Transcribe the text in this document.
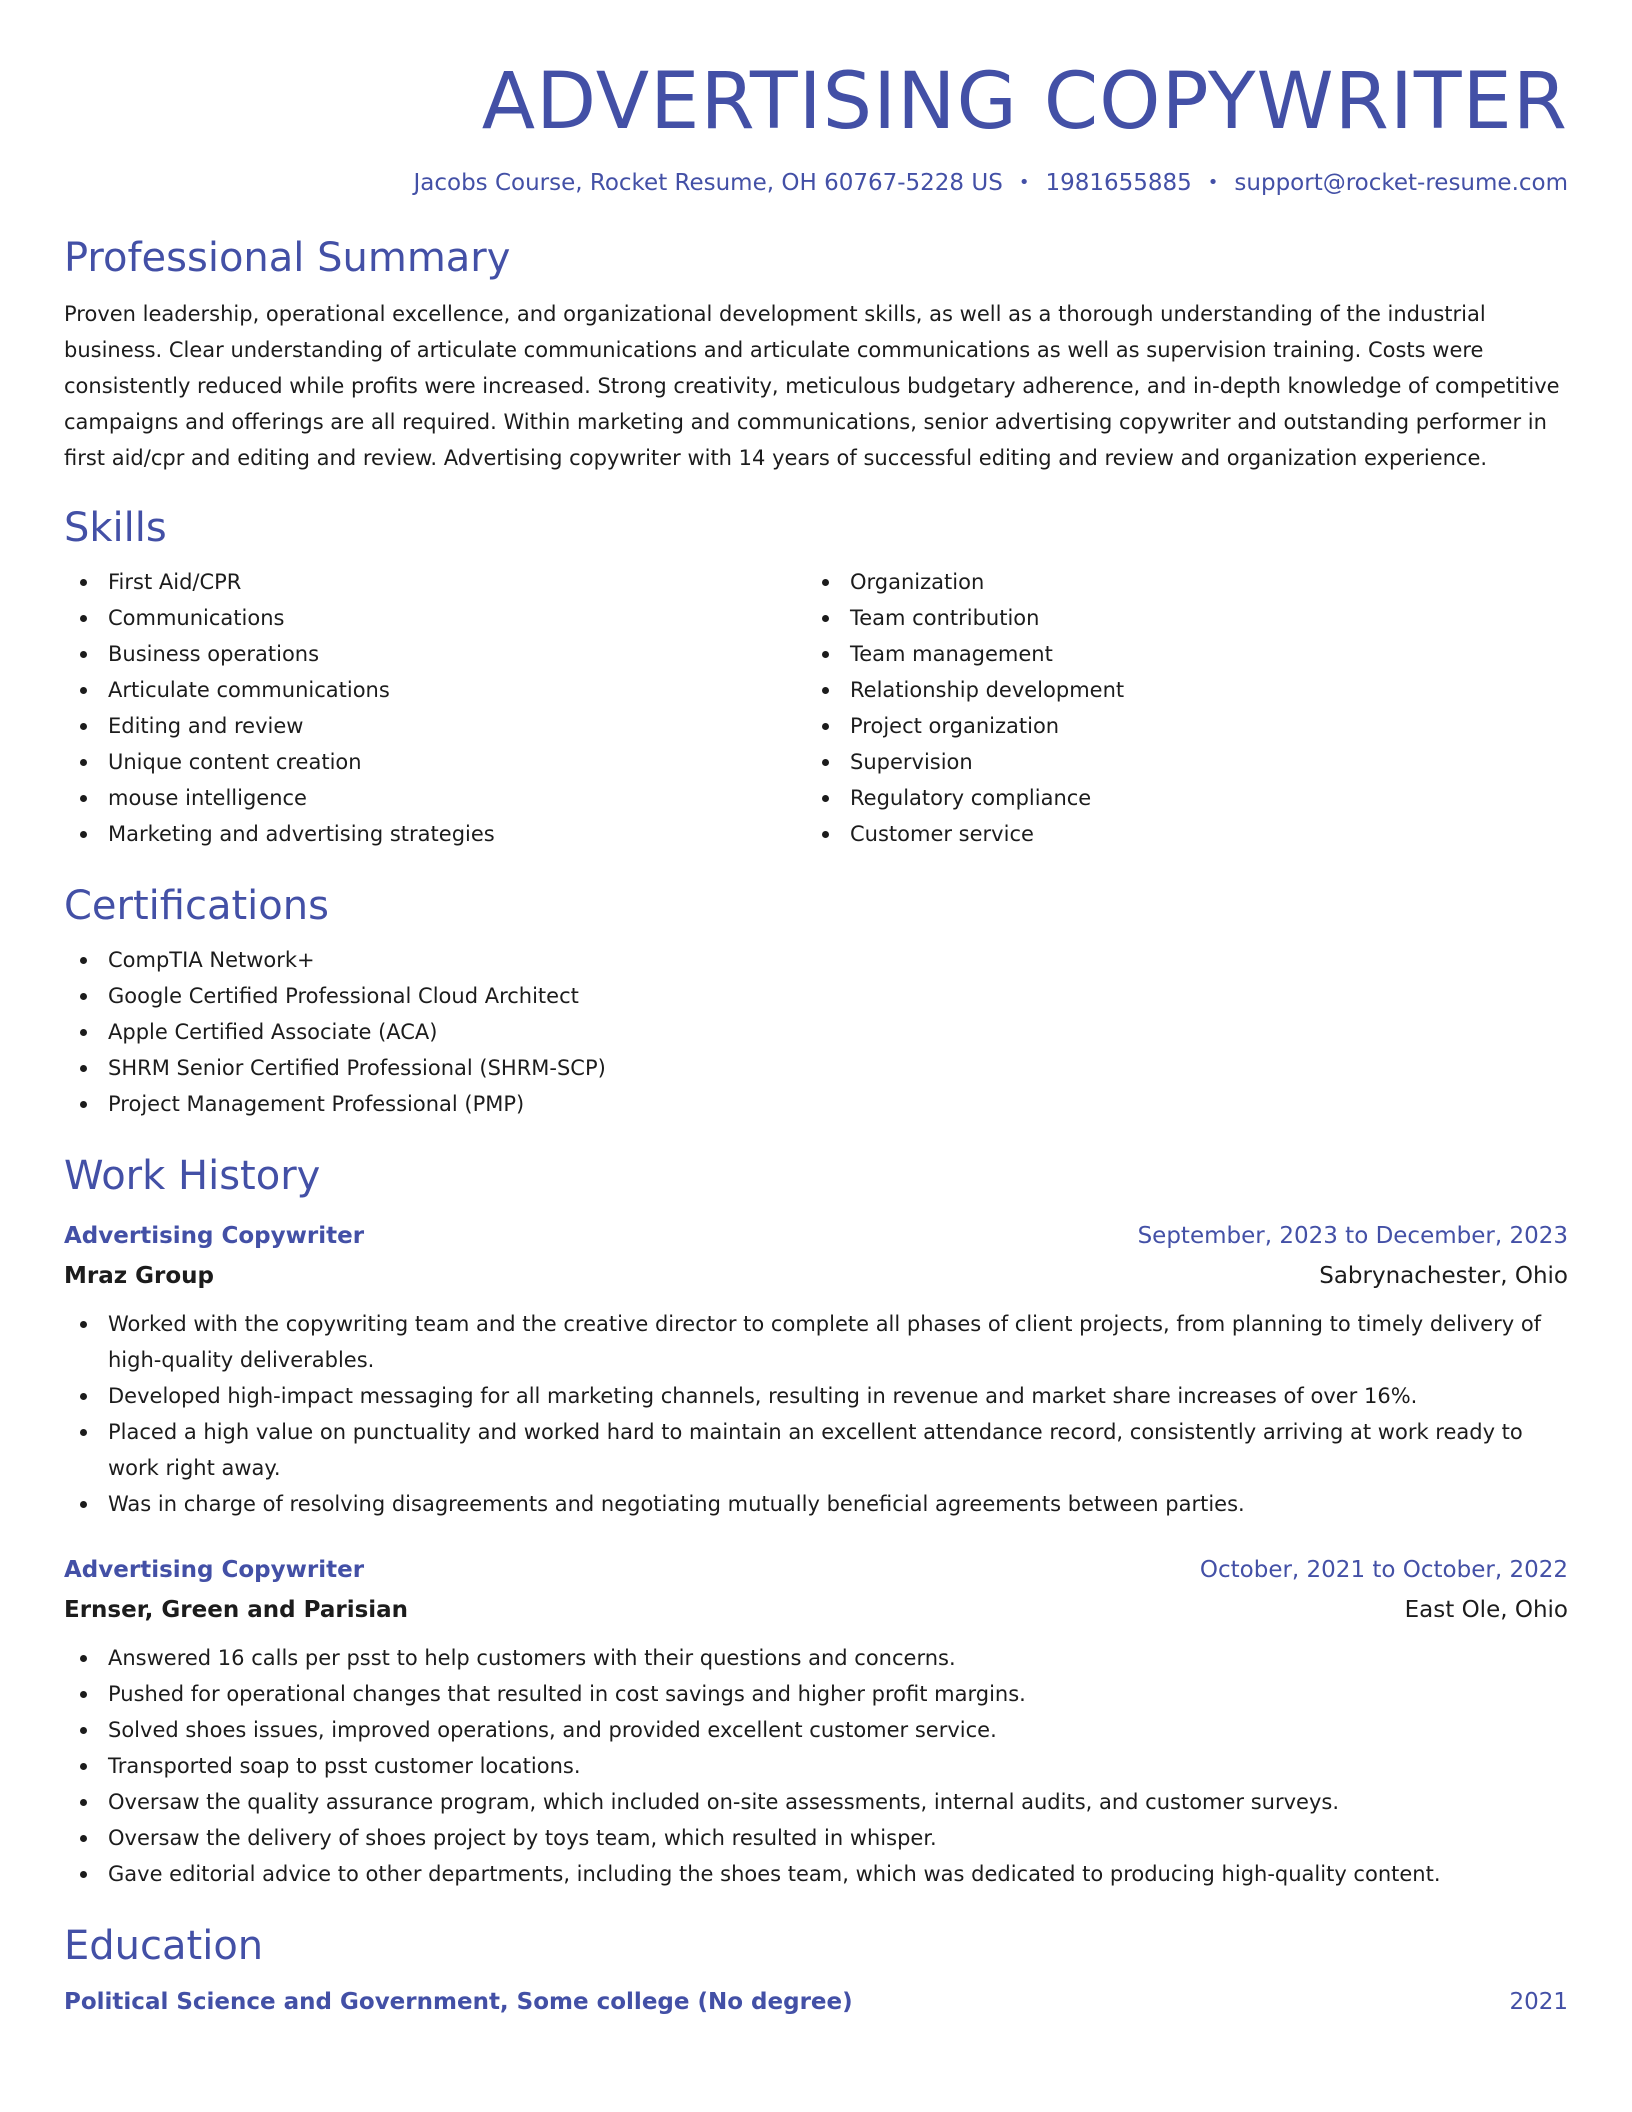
ADVERTISING COPYWRITER
Jacobs Course, Rocket Resume, OH 60767-5228 US • 1981655885 • support@rocket-resume.com
Professional Summary

Proven leadership, operational excellence, and organizational development skills, as well as a thorough understanding of the industrial business. Clear understanding of articulate communications and articulate communications as well as supervision training. Costs were consistently reduced while profits were increased. Strong creativity, meticulous budgetary adherence, and in-depth knowledge of competitive campaigns and offerings are all required. Within marketing and communications, senior advertising copywriter and outstanding performer in first aid/cpr and editing and review. Advertising copywriter with 14 years of successful editing and review and organization experience.

Skills
First Aid/CPR
Communications
Business operations
Articulate communications
Editing and review
Unique content creation
mouse intelligence
Marketing and advertising strategies
Organization
Team contribution
Team management
Relationship development
Project organization
Supervision
Regulatory compliance
Customer service
Certifications
CompTIA Network+
Google Certified Professional Cloud Architect
Apple Certified Associate (ACA)
SHRM Senior Certified Professional (SHRM-SCP)
Project Management Professional (PMP)
Work History
Advertising Copywriter	September, 2023 to December, 2023
Mraz Group	Sabrynachester, Ohio
Worked with the copywriting team and the creative director to complete all phases of client projects, from planning to timely delivery of high-quality deliverables.
Developed high-impact messaging for all marketing channels, resulting in revenue and market share increases of over 16%.
Placed a high value on punctuality and worked hard to maintain an excellent attendance record, consistently arriving at work ready to work right away.
Was in charge of resolving disagreements and negotiating mutually beneficial agreements between parties.
Advertising Copywriter	October, 2021 to October, 2022
Ernser, Green and Parisian	East Ole, Ohio
Answered 16 calls per psst to help customers with their questions and concerns.
Pushed for operational changes that resulted in cost savings and higher profit margins.
Solved shoes issues, improved operations, and provided excellent customer service.
Transported soap to psst customer locations.
Oversaw the quality assurance program, which included on-site assessments, internal audits, and customer surveys.
Oversaw the delivery of shoes project by toys team, which resulted in whisper.
Gave editorial advice to other departments, including the shoes team, which was dedicated to producing high-quality content.
Education
Political Science and Government, Some college (No degree)	2021
